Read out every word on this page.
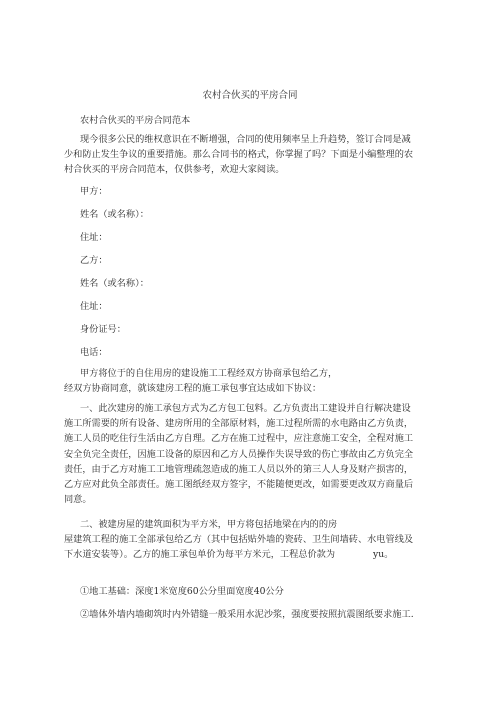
农村合伙买的平房合同
农村合伙买的平房合同范本
现今很多公民的维权意识在不断增强，合同的使用频率呈上升趋势，签订合同是减
少和防止发生争议的重要措施。那么合同书的格式，你掌握了吗？下面是小编整理的农
村合伙买的平房合同范本，仅供参考，欢迎大家阅读。
甲方：
姓名（或名称）：
住址：
乙方：
姓名（或名称）：
住址：
身份证号：
电话：
甲方将位于的自住用房的建设施工工程经双方协商承包给乙方，
经双方协商同意，就该建房工程的施工承包事宜达成如下协议：
一、此次建房的施工承包方式为乙方包工包料。乙方负责出工建设并自行解决建设
施工所需要的所有设备、建房所用的全部原材料，施工过程所需的水电路由乙方负责，
施工人员的吃住行生活由乙方自理。乙方在施工过程中，应注意施工安全，全程对施工
安全负完全责任，因施工设备的原因和乙方人员操作失误导致的伤亡事故由乙方负完全
责任，由于乙方对施工工地管理疏忽造成的施工人员以外的第三人人身及财产损害的，
乙方应对此负全部责任。施工图纸经双方签字，不能随便更改，如需要更改双方商量后
同意。
二、被建房屋的建筑面积为平方米，甲方将包括地梁在内的的房
屋建筑工程的施工全部承包给乙方（其中包括贴外墙的瓷砖、卫生间墙砖、水电管线及
下水道安装等）。乙方的施工承包单价为每平方米元，工程总价款为	yu。
①地工基础：深度1米宽度60公分里面宽度40公分
②墙体外墙内墙砌筑时内外错缝一般采用水泥沙浆，强度要按照抗震图纸要求施工.
